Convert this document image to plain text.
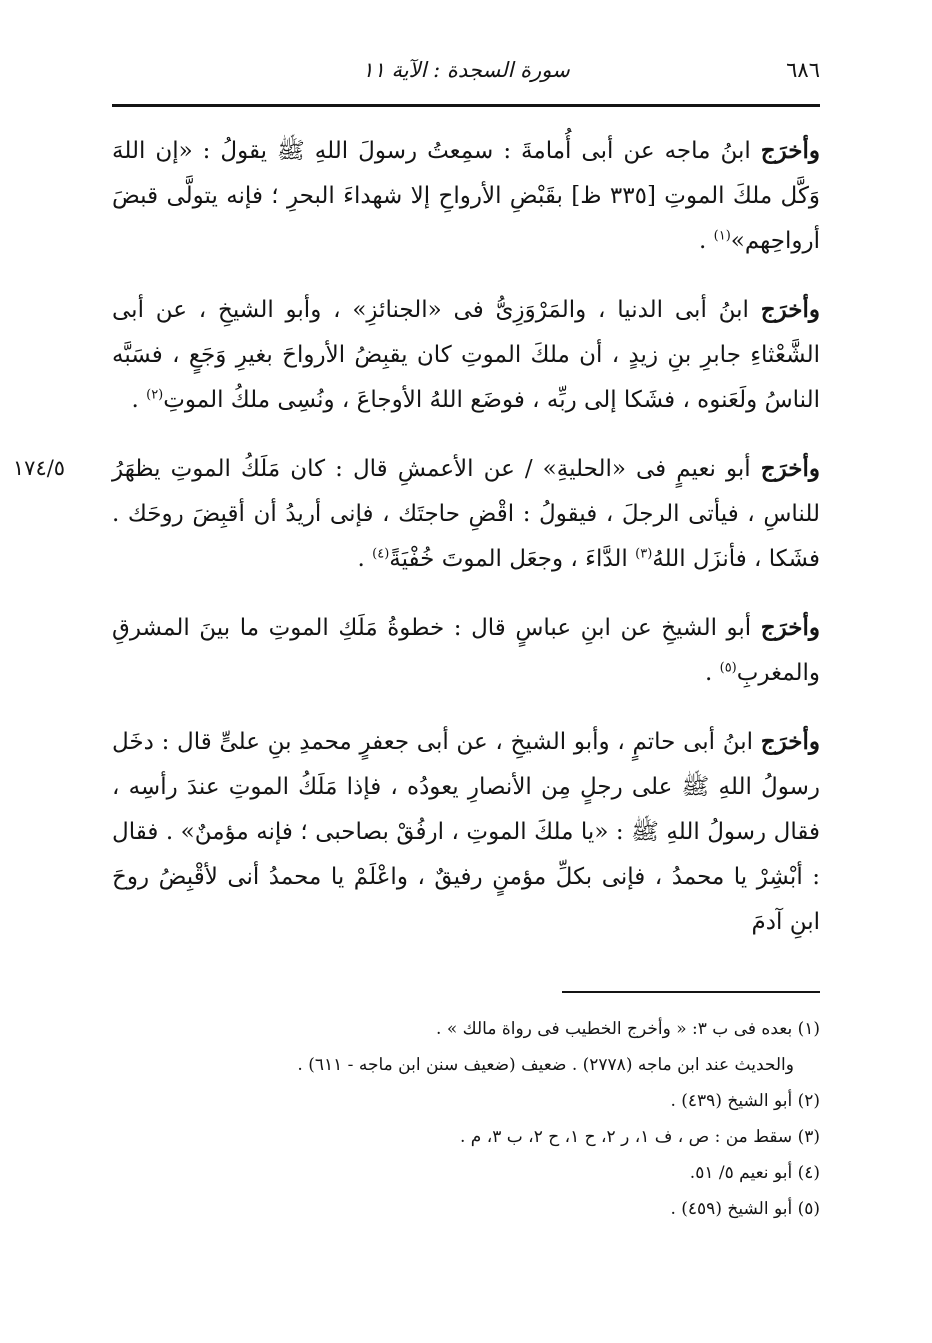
٦٨٦
سورة السجدة : الآية ١١

وأخرَج ابنُ ماجه عن أبى أُمامةَ : سمِعتُ رسولَ اللهِ ﷺ يقولُ : «إن اللهَ وَكَّل ملكَ الموتِ [٣٣٥ ظ] بقَبْضِ الأرواحِ إلا شهداءَ البحرِ ؛ فإنه يتولَّى قبضَ أرواحِهم»$^{(١)}$ .

وأخرَج ابنُ أبى الدنيا ، والمَرْوَزِىُّ فى «الجنائزِ» ، وأبو الشيخِ ، عن أبى الشَّعْثاءِ جابرِ بنِ زيدٍ ، أن ملكَ الموتِ كان يقبِضُ الأرواحَ بغيرِ وَجَعٍ ، فسَبَّه الناسُ ولَعَنوه ، فشَكا إلى ربِّه ، فوضَع اللهُ الأوجاعَ ، ونُسِى ملكُ الموتِ$^{(٢)}$ .

١٧٤/٥	وأخرَج أبو نعيمٍ فى «الحليةِ» / عن الأعمشِ قال : كان مَلَكُ الموتِ يظهَرُ للناسِ ، فيأتى الرجلَ ، فيقولُ : اقْضِ حاجتَك ، فإنى أريدُ أن أقبِضَ روحَك . فشَكا ، فأنزَل اللهُ$^{(٣)}$ الدَّاءَ ، وجعَل الموتَ خُفْيَةً$^{(٤)}$ .

وأخرَج أبو الشيخِ عن ابنِ عباسٍ قال : خطوةُ مَلَكِ الموتِ ما بينَ المشرقِ والمغربِ$^{(٥)}$ .

وأخرَج ابنُ أبى حاتمٍ ، وأبو الشيخِ ، عن أبى جعفرٍ محمدِ بنِ علىٍّ قال : دخَل رسولُ اللهِ ﷺ على رجلٍ مِن الأنصارِ يعودُه ، فإذا مَلَكُ الموتِ عندَ رأسِه ، فقال رسولُ اللهِ ﷺ : «يا ملكَ الموتِ ، ارفُقْ بصاحبى ؛ فإنه مؤمنٌ» . فقال : أبْشِرْ يا محمدُ ، فإنى بكلِّ مؤمنٍ رفيقٌ ، واعْلَمْ يا محمدُ أنى لأقْبِضُ روحَ ابنِ آدمَ

(١) بعده فى ب ٣: « وأخرج الخطيب فى رواة مالك » .

والحديث عند ابن ماجه (٢٧٧٨) . ضعيف (ضعيف سنن ابن ماجه - ٦١١) .

(٢) أبو الشيخ (٤٣٩) .

(٣) سقط من : ص ، ف ١، ر ٢، ح ١، ح ٢، ب ٣، م .

(٤) أبو نعيم ٥/ ٥١.

(٥) أبو الشيخ (٤٥٩) .
